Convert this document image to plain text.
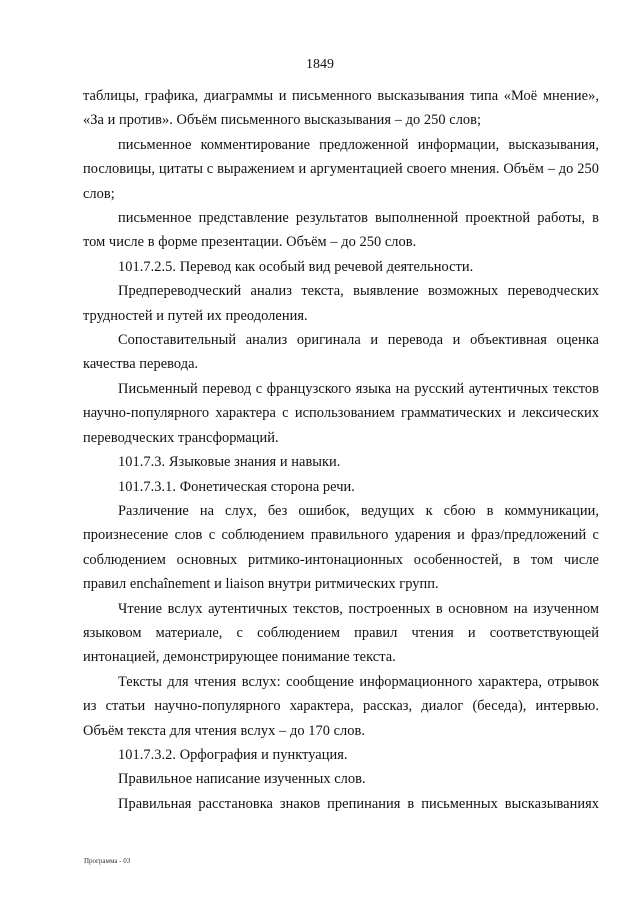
1849

таблицы, графика, диаграммы и письменного высказывания типа «Моё мнение», «За и против». Объём письменного высказывания – до 250 слов;

письменное комментирование предложенной информации, высказывания, пословицы, цитаты с выражением и аргументацией своего мнения. Объём – до 250 слов;

письменное представление результатов выполненной проектной работы, в том числе в форме презентации. Объём – до 250 слов.

101.7.2.5. Перевод как особый вид речевой деятельности.

Предпереводческий анализ текста, выявление возможных переводческих трудностей и путей их преодоления.

Сопоставительный анализ оригинала и перевода и объективная оценка качества перевода.

Письменный перевод с французского языка на русский аутентичных текстов научно-популярного характера с использованием грамматических и лексических переводческих трансформаций.

101.7.3. Языковые знания и навыки.

101.7.3.1. Фонетическая сторона речи.

Различение на слух, без ошибок, ведущих к сбою в коммуникации, произнесение слов с соблюдением правильного ударения и фраз/предложений с соблюдением основных ритмико-интонационных особенностей, в том числе правил enchaînement и liaison внутри ритмических групп.

Чтение вслух аутентичных текстов, построенных в основном на изученном языковом материале, с соблюдением правил чтения и соответствующей интонацией, демонстрирующее понимание текста.

Тексты для чтения вслух: сообщение информационного характера, отрывок из статьи научно-популярного характера, рассказ, диалог (беседа), интервью. Объём текста для чтения вслух – до 170 слов.

101.7.3.2. Орфография и пунктуация.

Правильное написание изученных слов.

Правильная расстановка знаков препинания в письменных высказываниях

Программа - 03
